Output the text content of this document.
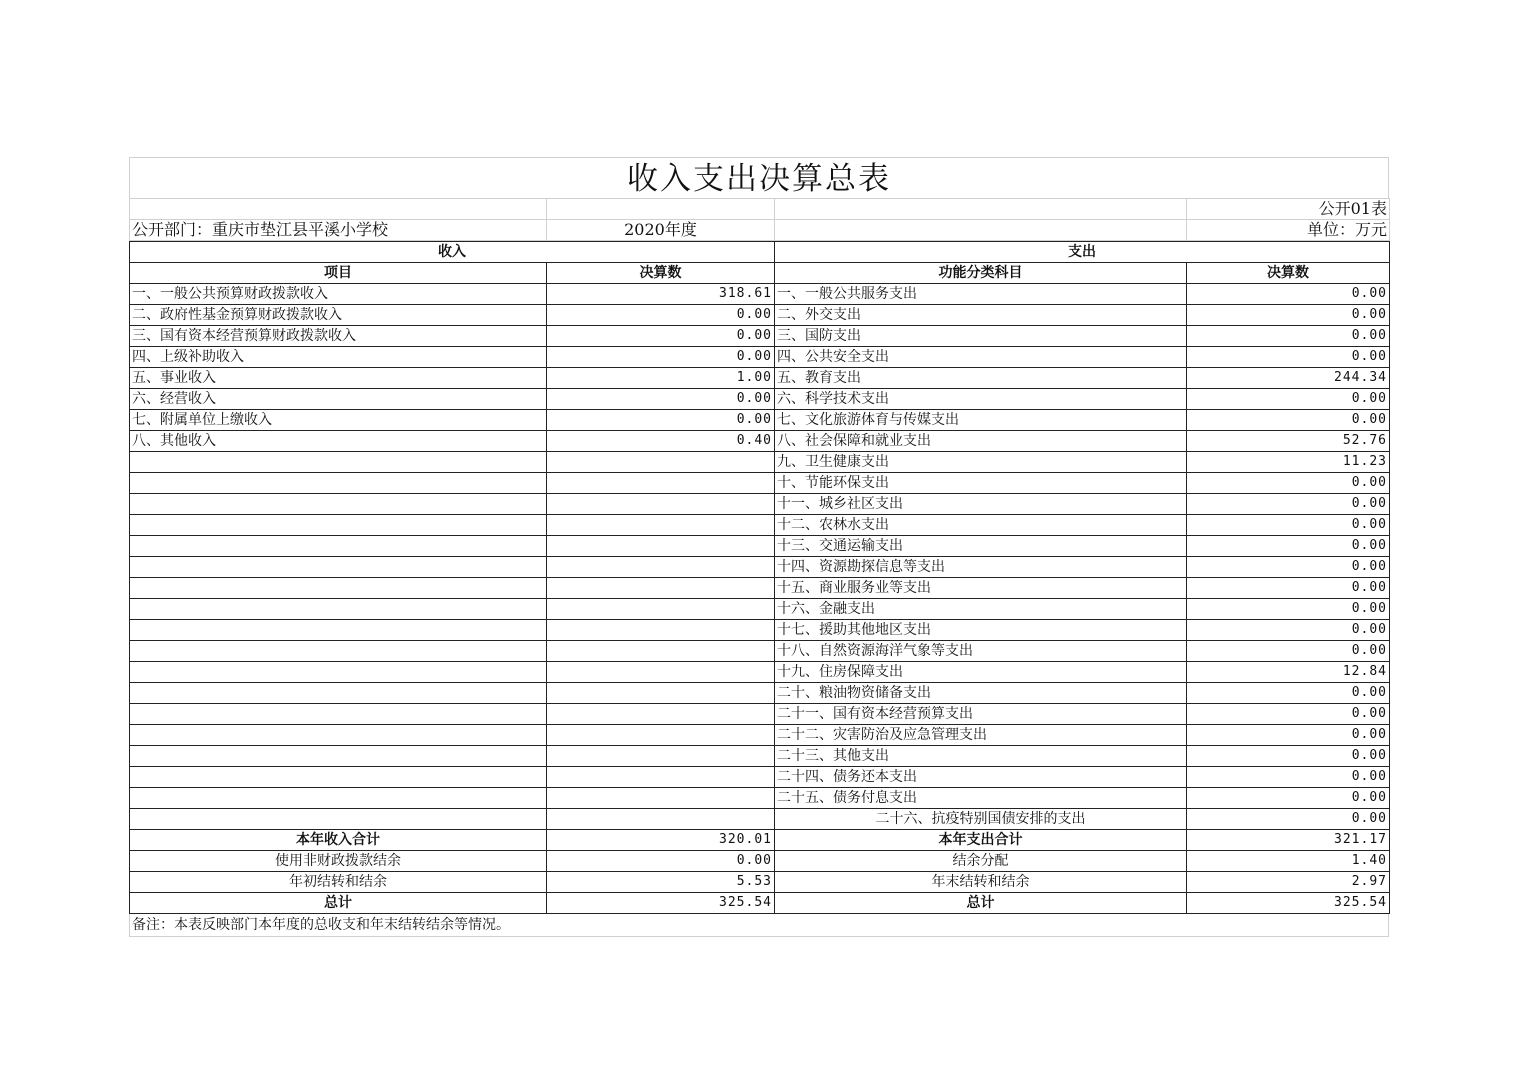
收入支出决算总表
			公开01表
公开部门：重庆市垫江县平溪小学校	2020年度		单位：万元
收入		支出	
项目	决算数	功能分类科目	决算数
一、一般公共预算财政拨款收入	318.61	一、一般公共服务支出	0.00
二、政府性基金预算财政拨款收入	0.00	二、外交支出	0.00
三、国有资本经营预算财政拨款收入	0.00	三、国防支出	0.00
四、上级补助收入	0.00	四、公共安全支出	0.00
五、事业收入	1.00	五、教育支出	244.34
六、经营收入	0.00	六、科学技术支出	0.00
七、附属单位上缴收入	0.00	七、文化旅游体育与传媒支出	0.00
八、其他收入	0.40	八、社会保障和就业支出	52.76
		九、卫生健康支出	11.23
		十、节能环保支出	0.00
		十一、城乡社区支出	0.00
		十二、农林水支出	0.00
		十三、交通运输支出	0.00
		十四、资源勘探信息等支出	0.00
		十五、商业服务业等支出	0.00
		十六、金融支出	0.00
		十七、援助其他地区支出	0.00
		十八、自然资源海洋气象等支出	0.00
		十九、住房保障支出	12.84
		二十、粮油物资储备支出	0.00
		二十一、国有资本经营预算支出	0.00
		二十二、灾害防治及应急管理支出	0.00
		二十三、其他支出	0.00
		二十四、债务还本支出	0.00
		二十五、债务付息支出	0.00
		二十六、抗疫特别国债安排的支出	0.00
本年收入合计	320.01	本年支出合计	321.17
使用非财政拨款结余	0.00	结余分配	1.40
年初结转和结余	5.53	年末结转和结余	2.97
总计	325.54	总计	325.54
备注：本表反映部门本年度的总收支和年末结转结余等情况。
